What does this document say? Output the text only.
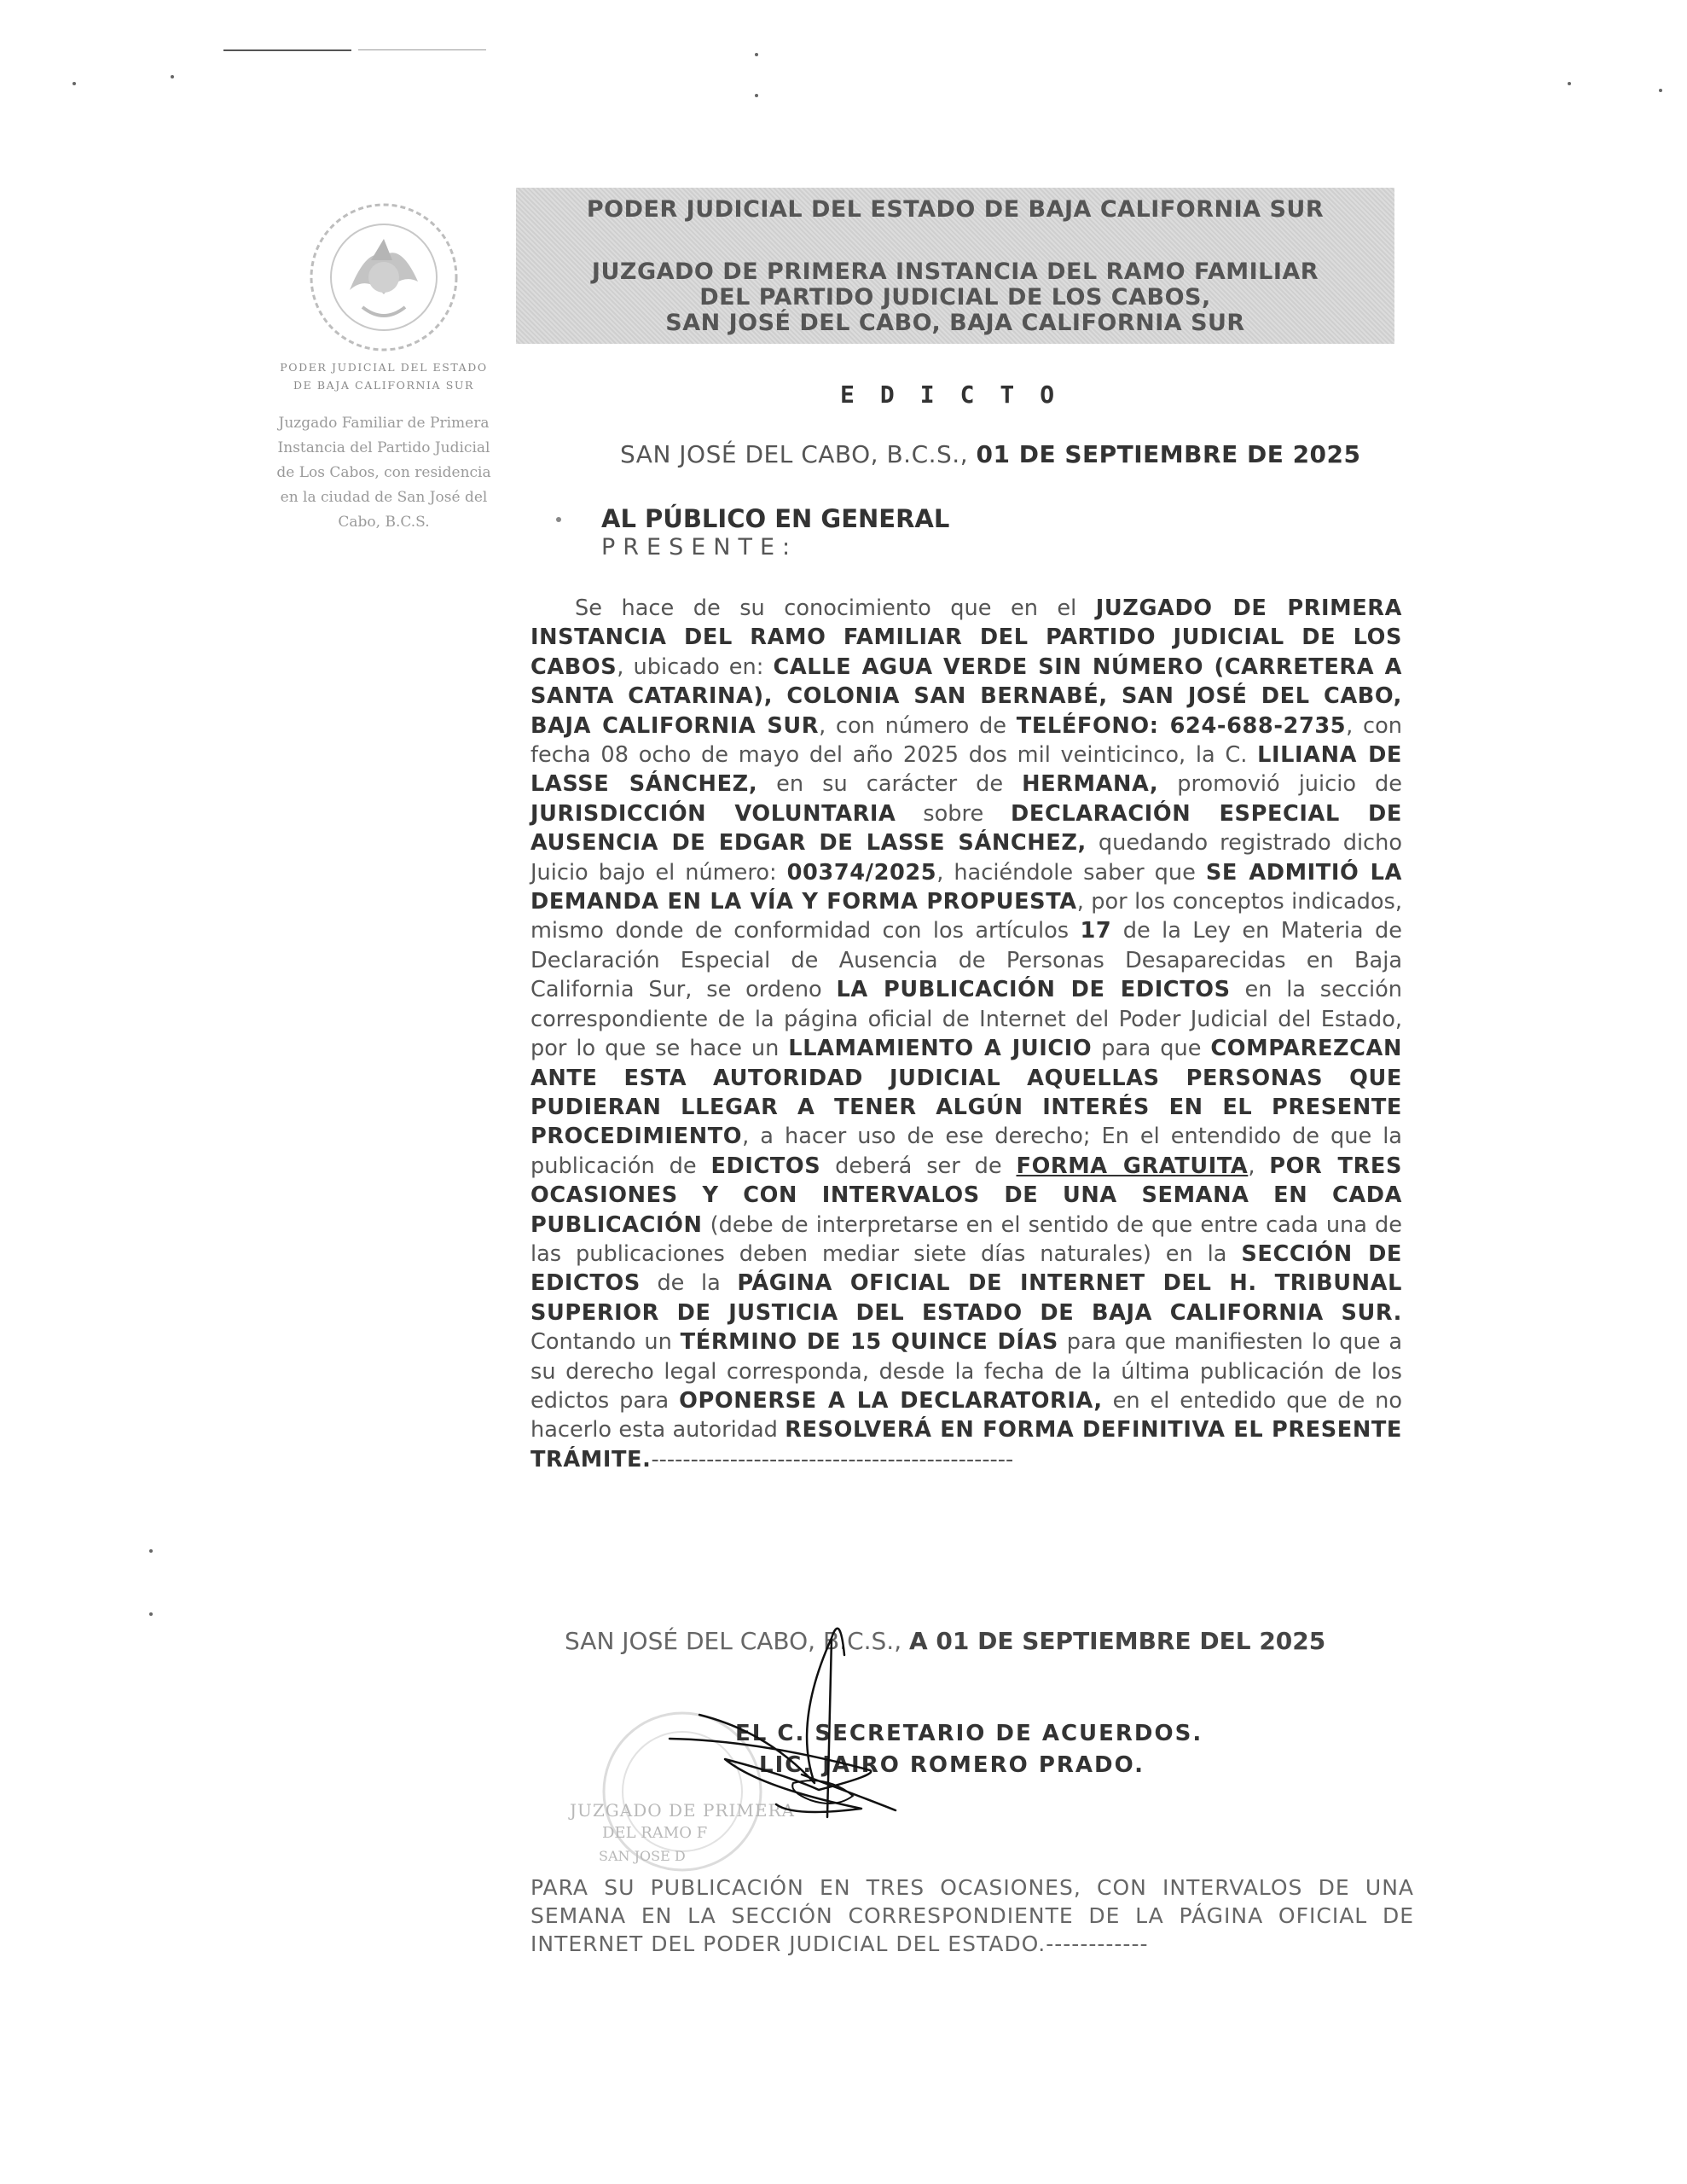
PODER JUDICIAL DEL ESTADO
DE BAJA CALIFORNIA SUR
Juzgado Familiar de Primera
Instancia del Partido Judicial
de Los Cabos, con residencia
en la ciudad de San José del
Cabo, B.C.S.
PODER JUDICIAL DEL ESTADO DE BAJA CALIFORNIA SUR
JUZGADO DE PRIMERA INSTANCIA DEL RAMO FAMILIAR
DEL PARTIDO JUDICIAL DE LOS CABOS,
SAN JOSÉ DEL CABO, BAJA CALIFORNIA SUR
EDICTO
SAN JOSÉ DEL CABO, B.C.S., 01 DE SEPTIEMBRE DE 2025
AL PÚBLICO EN GENERAL
PRESENTE:
Se hace de su conocimiento que en el JUZGADO DE PRIMERA INSTANCIA DEL RAMO FAMILIAR DEL PARTIDO JUDICIAL DE LOS CABOS, ubicado en: CALLE AGUA VERDE SIN NÚMERO (CARRETERA A SANTA CATARINA), COLONIA SAN BERNABÉ, SAN JOSÉ DEL CABO, BAJA CALIFORNIA SUR, con número de TELÉFONO: 624-688-2735, con fecha 08 ocho de mayo del año 2025 dos mil veinticinco, la C. LILIANA DE LASSE SÁNCHEZ, en su carácter de HERMANA, promovió juicio de JURISDICCIÓN VOLUNTARIA sobre DECLARACIÓN ESPECIAL DE AUSENCIA DE EDGAR DE LASSE SÁNCHEZ, quedando registrado dicho Juicio bajo el número: 00374/2025, haciéndole saber que SE ADMITIÓ LA DEMANDA EN LA VÍA Y FORMA PROPUESTA, por los conceptos indicados, mismo donde de conformidad con los artículos 17 de la Ley en Materia de Declaración Especial de Ausencia de Personas Desaparecidas en Baja California Sur, se ordeno LA PUBLICACIÓN DE EDICTOS en la sección correspondiente de la página oficial de Internet del Poder Judicial del Estado, por lo que se hace un LLAMAMIENTO A JUICIO para que COMPAREZCAN ANTE ESTA AUTORIDAD JUDICIAL AQUELLAS PERSONAS QUE PUDIERAN LLEGAR A TENER ALGÚN INTERÉS EN EL PRESENTE PROCEDIMIENTO, a hacer uso de ese derecho; En el entendido de que la publicación de EDICTOS deberá ser de FORMA GRATUITA, POR TRES OCASIONES Y CON INTERVALOS DE UNA SEMANA EN CADA PUBLICACIÓN (debe de interpretarse en el sentido de que entre cada una de las publicaciones deben mediar siete días naturales) en la SECCIÓN DE EDICTOS de la PÁGINA OFICIAL DE INTERNET DEL H. TRIBUNAL SUPERIOR DE JUSTICIA DEL ESTADO DE BAJA CALIFORNIA SUR. Contando un TÉRMINO DE 15 QUINCE DÍAS para que manifiesten lo que a su derecho legal corresponda, desde la fecha de la última publicación de los edictos para OPONERSE A LA DECLARATORIA, en el entedido que de no hacerlo esta autoridad RESOLVERÁ EN FORMA DEFINITIVA EL PRESENTE TRÁMITE.----------------------------------------------
SAN JOSÉ DEL CABO, B.C.S., A 01 DE SEPTIEMBRE DEL 2025
JUZGADO DE PRIMERA
DEL RAMO F
SAN JOSE D
EL C. SECRETARIO DE ACUERDOS.
LIC. JAIRO ROMERO PRADO.
PARA SU PUBLICACIÓN EN TRES OCASIONES, CON INTERVALOS DE UNA SEMANA EN LA SECCIÓN CORRESPONDIENTE DE LA PÁGINA OFICIAL DE INTERNET DEL PODER JUDICIAL DEL ESTADO.------------
